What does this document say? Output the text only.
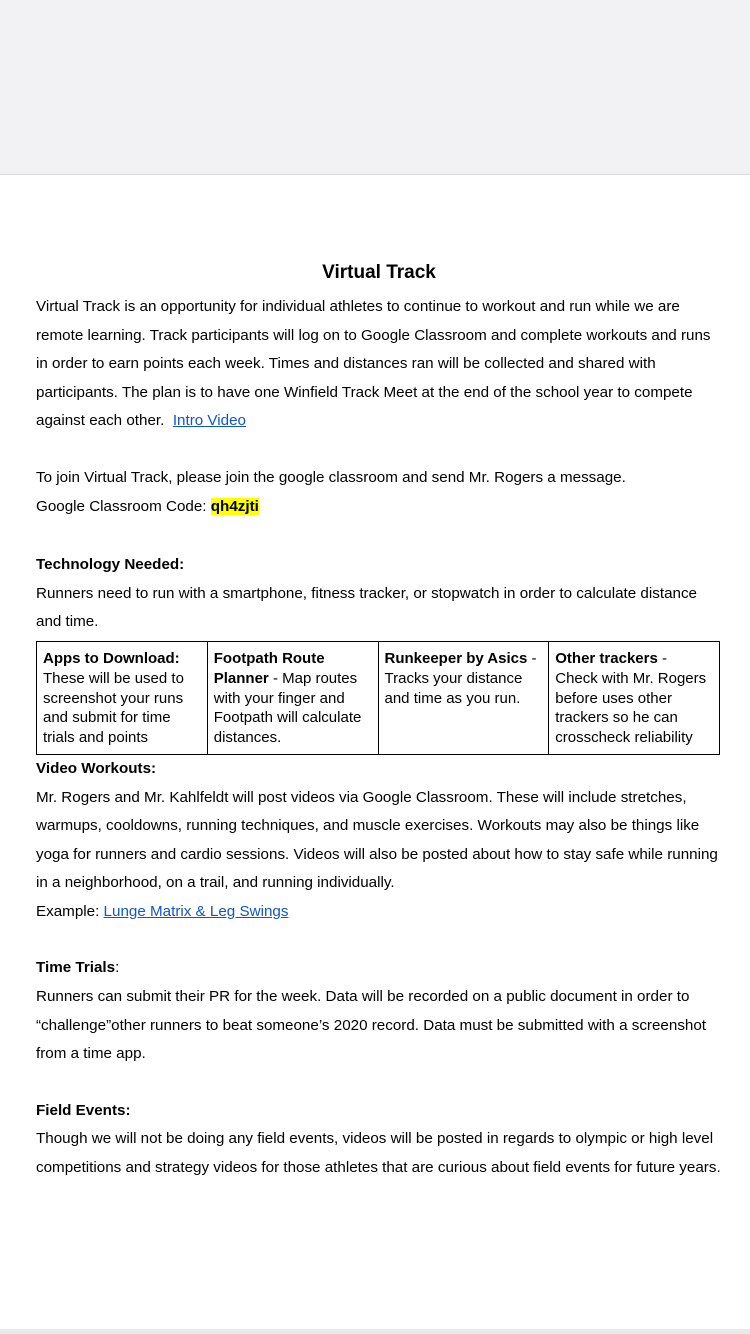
Virtual Track

Virtual Track is an opportunity for individual athletes to continue to workout and run while we are remote learning. Track participants will log on to Google Classroom and complete workouts and runs in order to earn points each week. Times and distances ran will be collected and shared with participants. The plan is to have one Winfield Track Meet at the end of the school year to compete against each other. Intro Video

To join Virtual Track, please join the google classroom and send Mr. Rogers a message.

Google Classroom Code: qh4zjti

Technology Needed:

Runners need to run with a smartphone, fitness tracker, or stopwatch in order to calculate distance and time.

Apps to Download: These will be used to screenshot your runs and submit for time trials and points	Footpath Route Planner - Map routes with your finger and Footpath will calculate distances.	Runkeeper by Asics - Tracks your distance and time as you run.	Other trackers - Check with Mr. Rogers before uses other trackers so he can crosscheck reliability

Video Workouts:

Mr. Rogers and Mr. Kahlfeldt will post videos via Google Classroom. These will include stretches, warmups, cooldowns, running techniques, and muscle exercises. Workouts may also be things like yoga for runners and cardio sessions. Videos will also be posted about how to stay safe while running in a neighborhood, on a trail, and running individually.

Example: Lunge Matrix & Leg Swings

Time Trials:

Runners can submit their PR for the week. Data will be recorded on a public document in order to “challenge”other runners to beat someone’s 2020 record. Data must be submitted with a screenshot from a time app.

Field Events:

Though we will not be doing any field events, videos will be posted in regards to olympic or high level competitions and strategy videos for those athletes that are curious about field events for future years.
